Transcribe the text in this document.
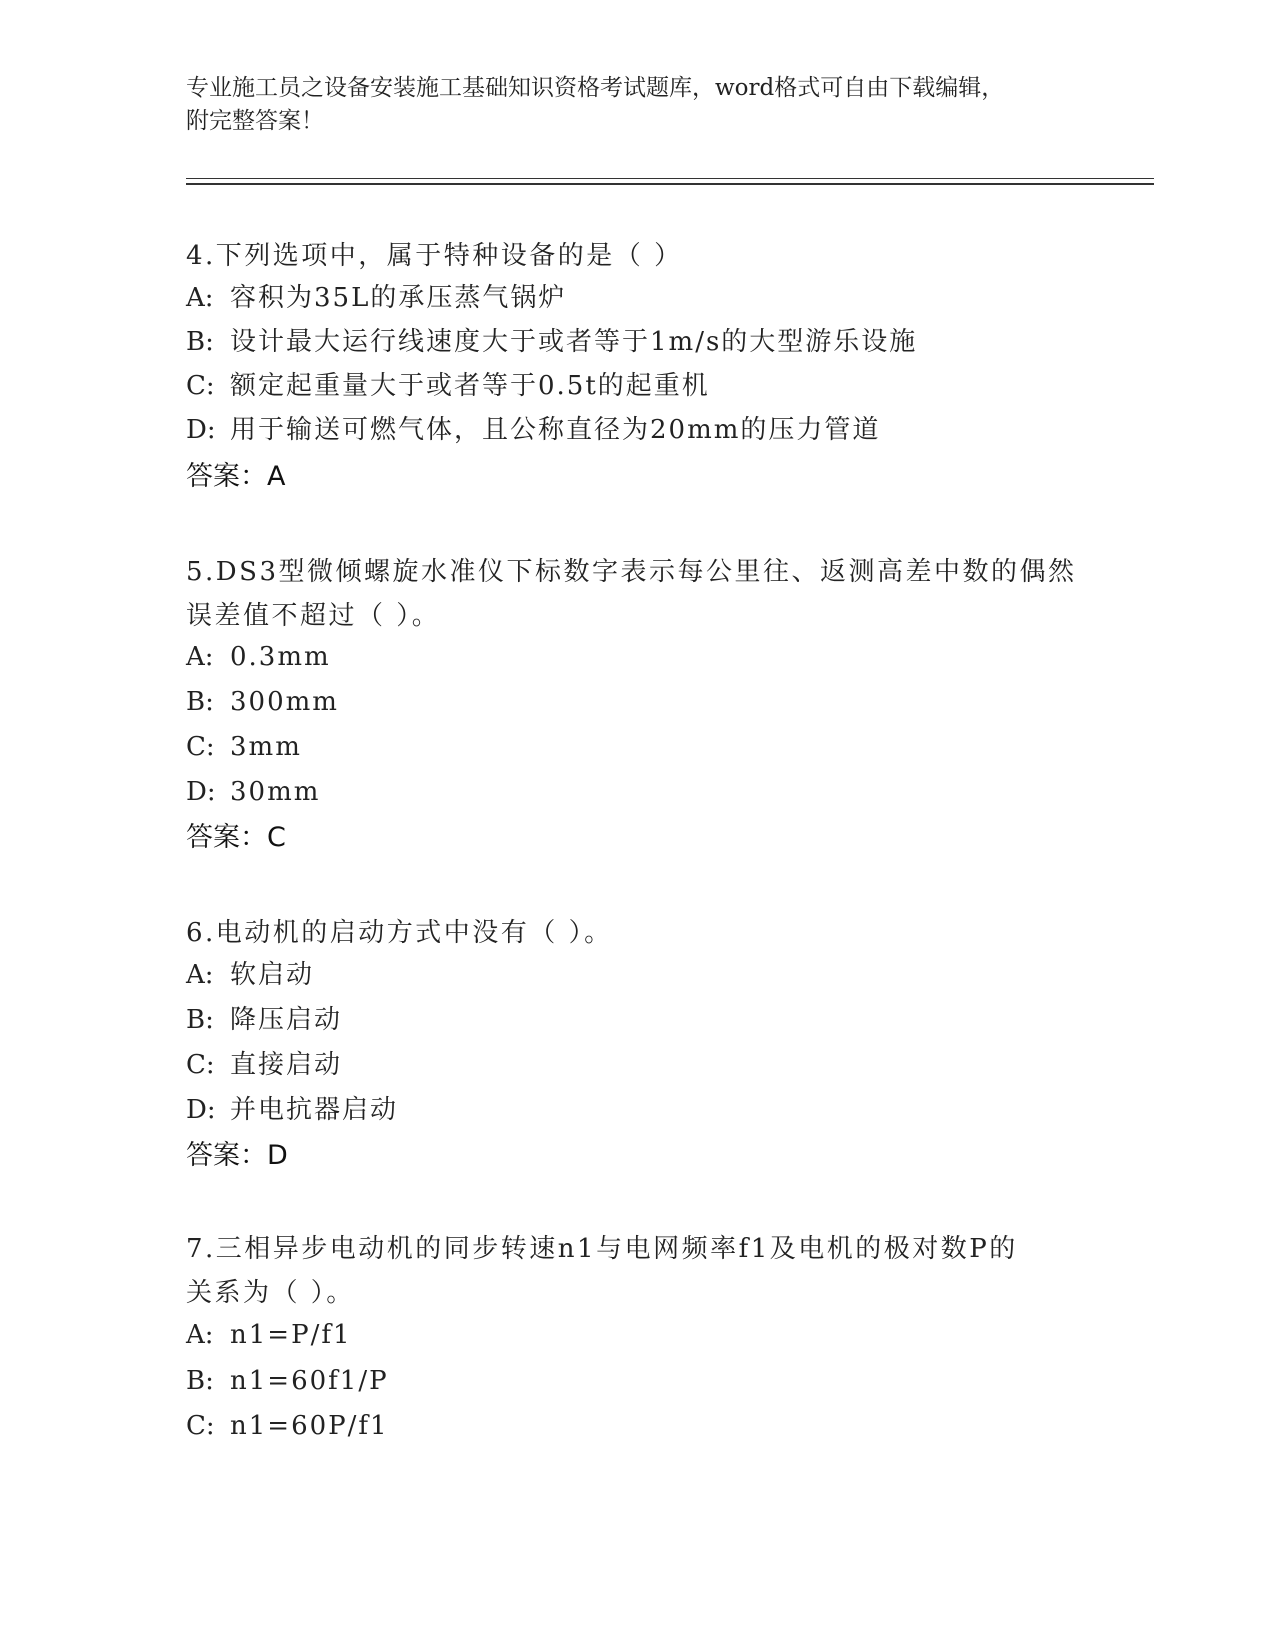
专业施工员之设备安装施工基础知识资格考试题库，word格式可自由下载编辑，

附完整答案！

4.下列选项中，属于特种设备的是（ ）

A: 容积为35L的承压蒸气锅炉

B: 设计最大运行线速度大于或者等于1m/s的大型游乐设施

C: 额定起重量大于或者等于0.5t的起重机

D: 用于输送可燃气体，且公称直径为20mm的压力管道

答案：A

5.DS3型微倾螺旋水准仪下标数字表示每公里往、返测高差中数的偶然

误差值不超过（ ）。

A: 0.3mm

B: 300mm

C: 3mm

D: 30mm

答案：C

6.电动机的启动方式中没有（ ）。

A: 软启动

B: 降压启动

C: 直接启动

D: 并电抗器启动

答案：D

7.三相异步电动机的同步转速n1与电网频率f1及电机的极对数P的

关系为（ ）。

A: n1=P/f1

B: n1=60f1/P

C: n1=60P/f1
